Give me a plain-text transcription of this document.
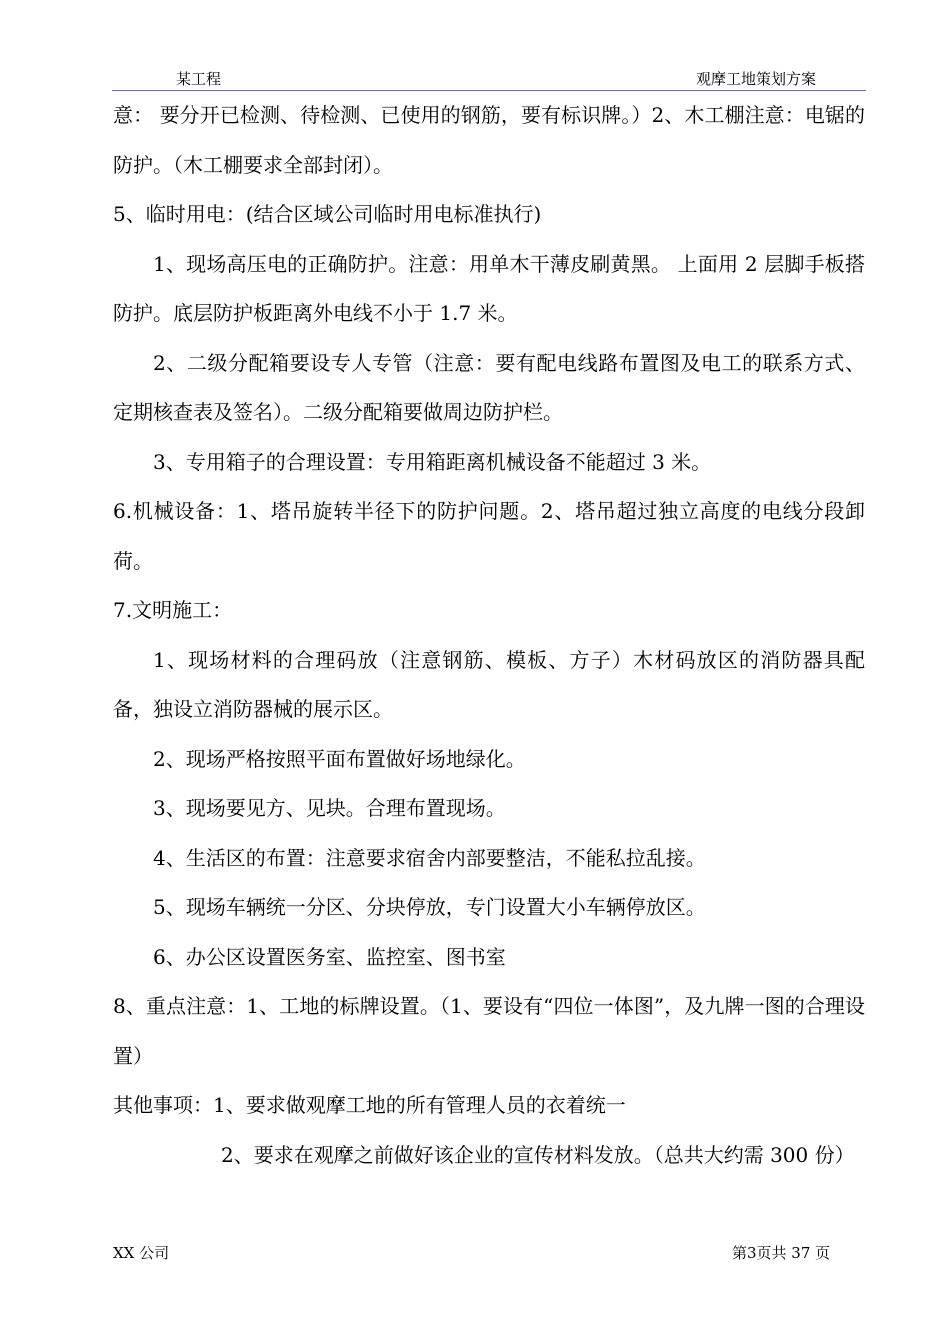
某工程	观摩工地策划方案

意： 要分开已检测、待检测、已使用的钢筋，要有标识牌。）2、木工棚注意：电锯的防护。（木工棚要求全部封闭）。

5、临时用电：(结合区域公司临时用电标准执行)

1、现场高压电的正确防护。注意：用单木干薄皮刷黄黑。 上面用 2 层脚手板搭防护。底层防护板距离外电线不小于 1.7 米。

2、二级分配箱要设专人专管（注意：要有配电线路布置图及电工的联系方式、定期核查表及签名）。二级分配箱要做周边防护栏。

3、专用箱子的合理设置：专用箱距离机械设备不能超过 3 米。

6.机械设备：1、塔吊旋转半径下的防护问题。2、塔吊超过独立高度的电线分段卸荷。

7.文明施工：

1、现场材料的合理码放（注意钢筋、模板、方子）木材码放区的消防器具配备，独设立消防器械的展示区。

2、现场严格按照平面布置做好场地绿化。

3、现场要见方、见块。合理布置现场。

4、生活区的布置：注意要求宿舍内部要整洁，不能私拉乱接。

5、现场车辆统一分区、分块停放，专门设置大小车辆停放区。

6、办公区设置医务室、监控室、图书室

8、重点注意：1、工地的标牌设置。（1、要设有“四位一体图”，及九牌一图的合理设置）

其他事项：1、要求做观摩工地的所有管理人员的衣着统一

2、要求在观摩之前做好该企业的宣传材料发放。（总共大约需 300 份）

XX 公司	第3页共 37 页
